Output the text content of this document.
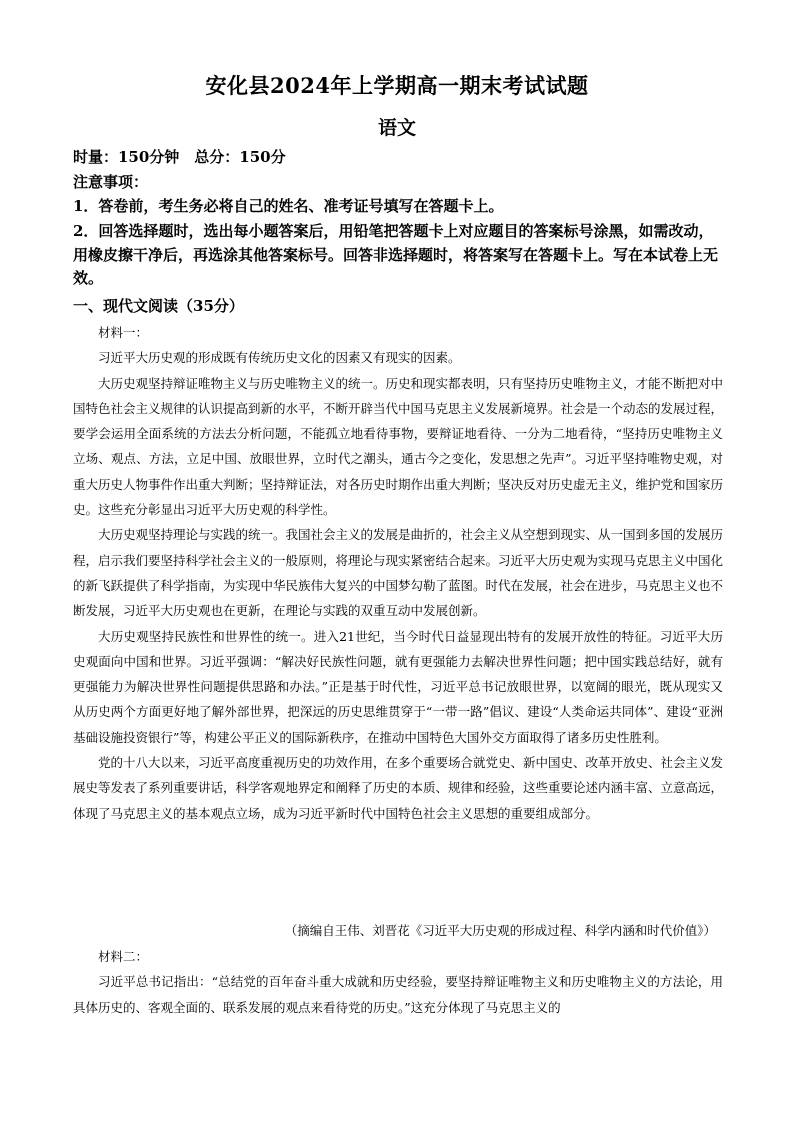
安化县2024年上学期高一期末考试试题
语文
时量：150分钟　总分：150分
注意事项：
1．答卷前，考生务必将自己的姓名、准考证号填写在答题卡上。
2．回答选择题时，选出每小题答案后，用铅笔把答题卡上对应题目的答案标号涂黑，如需改动，用橡皮擦干净后，再选涂其他答案标号。回答非选择题时，将答案写在答题卡上。写在本试卷上无效。
一、现代文阅读（35分）
材料一：
习近平大历史观的形成既有传统历史文化的因素又有现实的因素。
大历史观坚持辩证唯物主义与历史唯物主义的统一。历史和现实都表明，只有坚持历史唯物主义，才能不断把对中国特色社会主义规律的认识提高到新的水平，不断开辟当代中国马克思主义发展新境界。社会是一个动态的发展过程，要学会运用全面系统的方法去分析问题，不能孤立地看待事物，要辩证地看待、一分为二地看待，“坚持历史唯物主义立场、观点、方法，立足中国、放眼世界，立时代之潮头，通古今之变化，发思想之先声”。习近平坚持唯物史观，对重大历史人物事件作出重大判断；坚持辩证法，对各历史时期作出重大判断；坚决反对历史虚无主义，维护党和国家历史。这些充分彰显出习近平大历史观的科学性。
大历史观坚持理论与实践的统一。我国社会主义的发展是曲折的，社会主义从空想到现实、从一国到多国的发展历程，启示我们要坚持科学社会主义的一般原则，将理论与现实紧密结合起来。习近平大历史观为实现马克思主义中国化的新飞跃提供了科学指南，为实现中华民族伟大复兴的中国梦勾勒了蓝图。时代在发展，社会在进步，马克思主义也不断发展，习近平大历史观也在更新，在理论与实践的双重互动中发展创新。
大历史观坚持民族性和世界性的统一。进入21世纪，当今时代日益显现出特有的发展开放性的特征。习近平大历史观面向中国和世界。习近平强调：“解决好民族性问题，就有更强能力去解决世界性问题；把中国实践总结好，就有更强能力为解决世界性问题提供思路和办法。”正是基于时代性，习近平总书记放眼世界，以宽阔的眼光，既从现实又从历史两个方面更好地了解外部世界，把深远的历史思维贯穿于“一带一路”倡议、建设“人类命运共同体”、建设“亚洲基础设施投资银行”等，构建公平正义的国际新秩序，在推动中国特色大国外交方面取得了诸多历史性胜利。
党的十八大以来，习近平高度重视历史的功效作用，在多个重要场合就党史、新中国史、改革开放史、社会主义发展史等发表了系列重要讲话，科学客观地界定和阐释了历史的本质、规律和经验，这些重要论述内涵丰富、立意高远，体现了马克思主义的基本观点立场，成为习近平新时代中国特色社会主义思想的重要组成部分。
（摘编自王伟、刘晋花《习近平大历史观的形成过程、科学内涵和时代价值》）
材料二：
习近平总书记指出：“总结党的百年奋斗重大成就和历史经验，要坚持辩证唯物主义和历史唯物主义的方法论，用具体历史的、客观全面的、联系发展的观点来看待党的历史。”这充分体现了马克思主义的
